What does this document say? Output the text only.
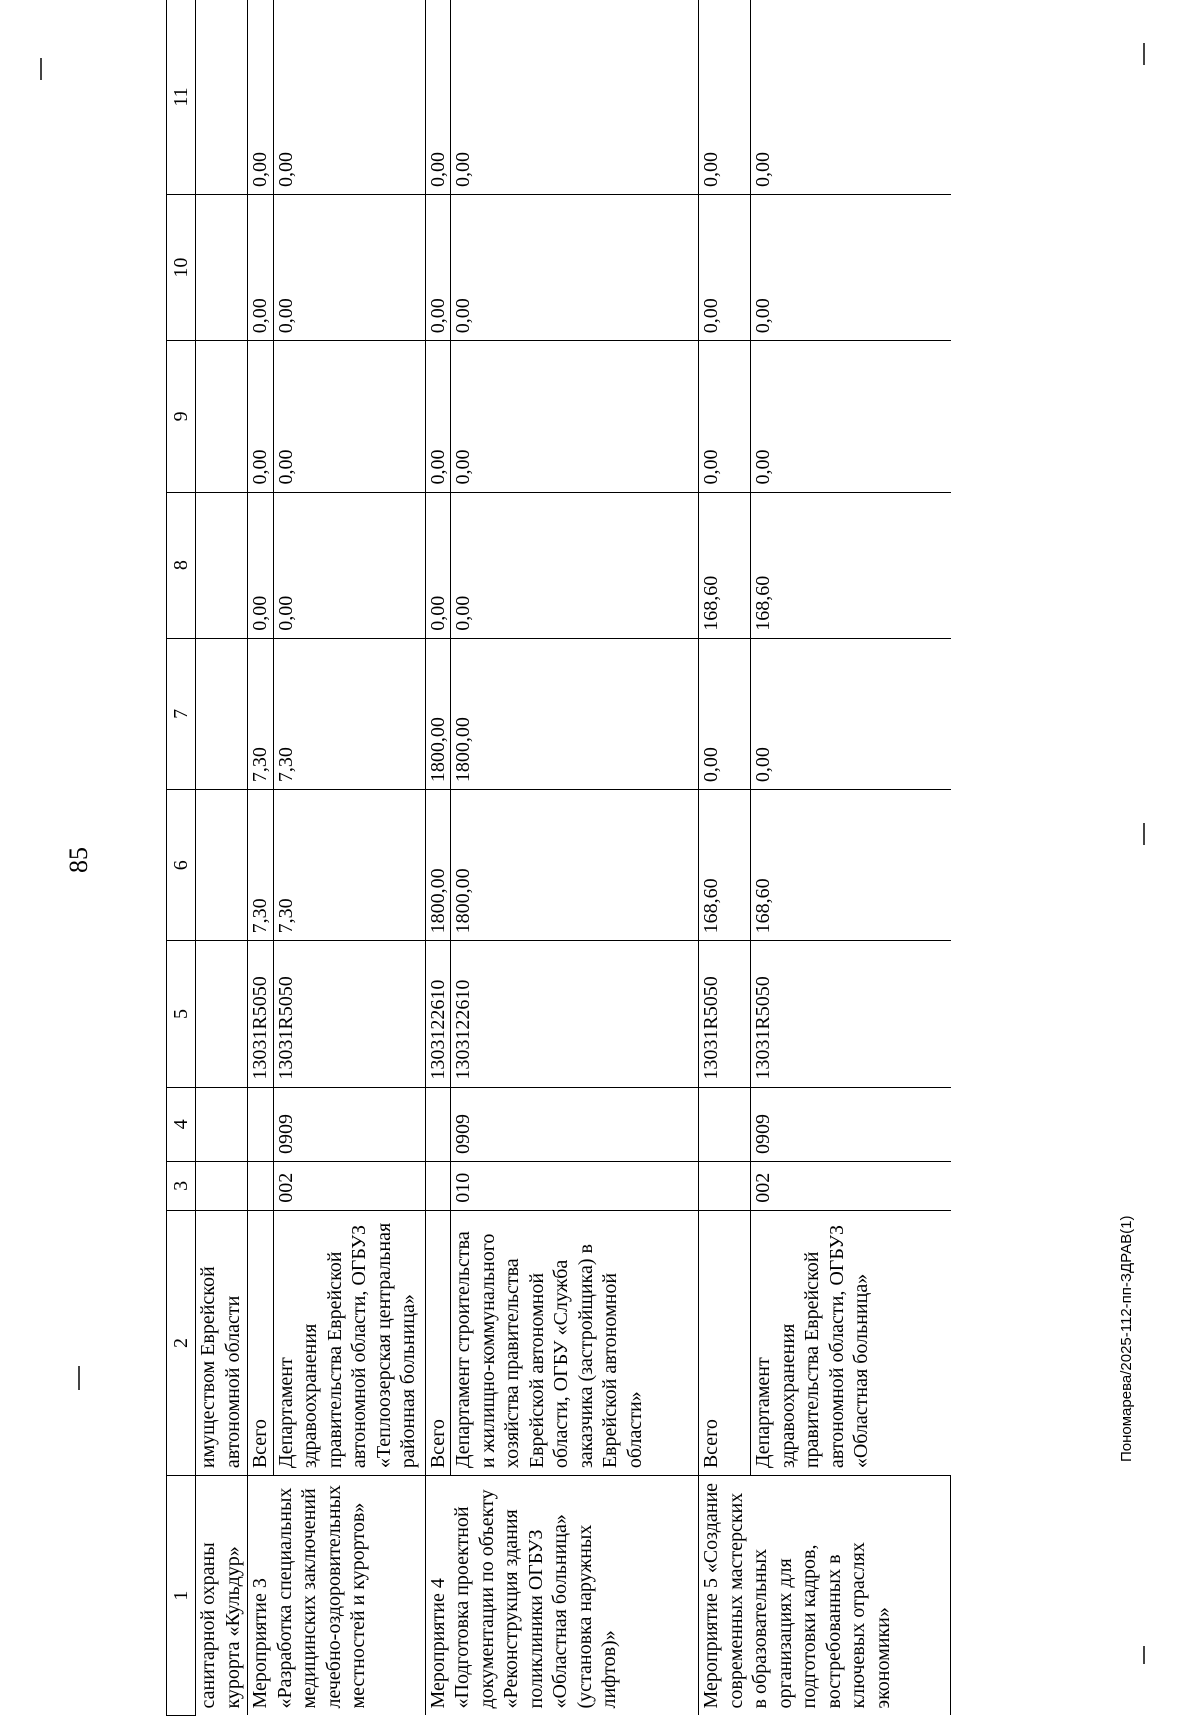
85
1	2	3	4	5	6	7	8	9	10	11
санитарной охраны курорта «Кульдур»	имуществом Еврейской автономной области									
Мероприятие 3 «Разработка специальных медицинских заключений лечебно-оздоровительных местностей и курортов»	Всего			13031R5050	7,30	7,30	0,00	0,00	0,00	0,00
	Департамент здравоохранения правительства Еврейской автономной области, ОГБУЗ «Теплоозерская центральная районная больница»	002	0909	13031R5050	7,30	7,30	0,00	0,00	0,00	0,00
Мероприятие 4 «Подготовка проектной документации по объекту «Реконструкция здания поликлиники ОГБУЗ «Областная больница» (установка наружных лифтов)»	Всего			1303122610	1800,00	1800,00	0,00	0,00	0,00	0,00
	Департамент строительства и жилищно-коммунального хозяйства правительства Еврейской автономной области, ОГБУ «Служба заказчика (застройщика) в Еврейской автономной области»	010	0909	1303122610	1800,00	1800,00	0,00	0,00	0,00	0,00
Мероприятие 5 «Создание современных мастерских в образовательных организациях для подготовки кадров, востребованных в ключевых отраслях экономики»	Всего			13031R5050	168,60	0,00	168,60	0,00	0,00	0,00
	Департамент здравоохранения правительства Еврейской автономной области, ОГБУЗ «Областная больница»	002	0909	13031R5050	168,60	0,00	168,60	0,00	0,00	0,00
Пономарева/2025-112-пп-ЗДРАВ(1)
